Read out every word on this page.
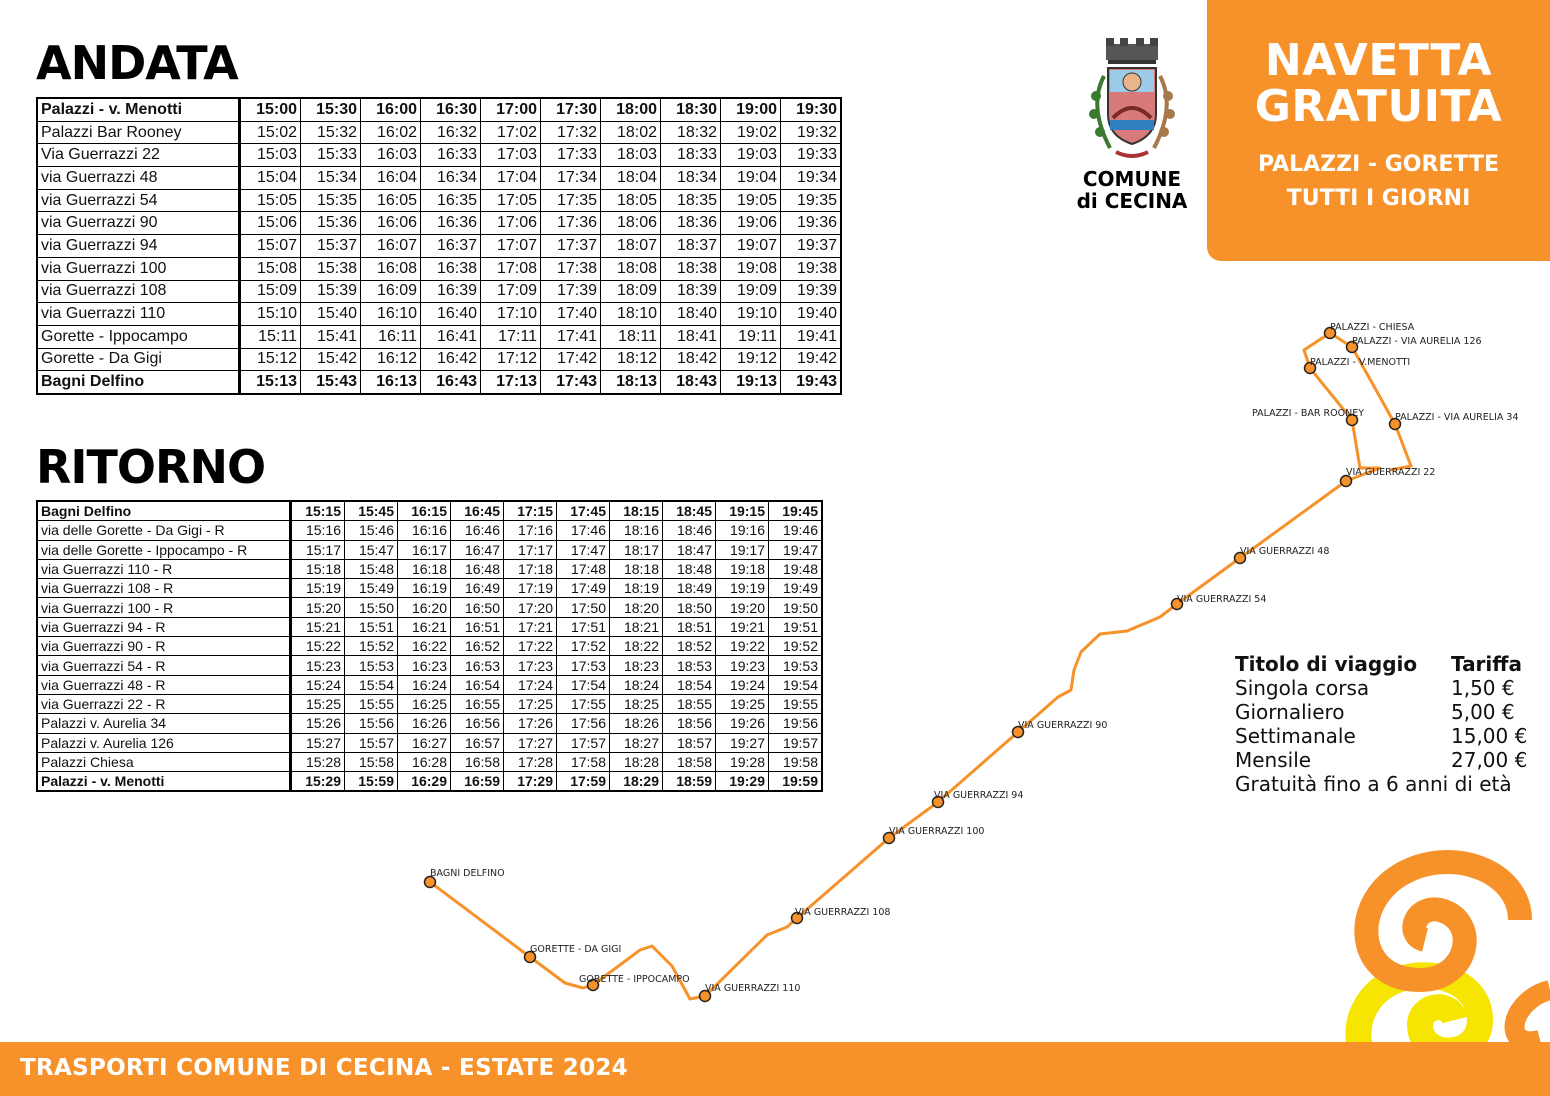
ANDATA
Palazzi - v. Menotti	15:00	15:30	16:00	16:30	17:00	17:30	18:00	18:30	19:00	19:30
Palazzi Bar Rooney	15:02	15:32	16:02	16:32	17:02	17:32	18:02	18:32	19:02	19:32
Via Guerrazzi 22	15:03	15:33	16:03	16:33	17:03	17:33	18:03	18:33	19:03	19:33
via Guerrazzi 48	15:04	15:34	16:04	16:34	17:04	17:34	18:04	18:34	19:04	19:34
via Guerrazzi 54	15:05	15:35	16:05	16:35	17:05	17:35	18:05	18:35	19:05	19:35
via Guerrazzi 90	15:06	15:36	16:06	16:36	17:06	17:36	18:06	18:36	19:06	19:36
via Guerrazzi 94	15:07	15:37	16:07	16:37	17:07	17:37	18:07	18:37	19:07	19:37
via Guerrazzi 100	15:08	15:38	16:08	16:38	17:08	17:38	18:08	18:38	19:08	19:38
via Guerrazzi 108	15:09	15:39	16:09	16:39	17:09	17:39	18:09	18:39	19:09	19:39
via Guerrazzi 110	15:10	15:40	16:10	16:40	17:10	17:40	18:10	18:40	19:10	19:40
Gorette - Ippocampo	15:11	15:41	16:11	16:41	17:11	17:41	18:11	18:41	19:11	19:41
Gorette - Da Gigi	15:12	15:42	16:12	16:42	17:12	17:42	18:12	18:42	19:12	19:42
Bagni Delfino	15:13	15:43	16:13	16:43	17:13	17:43	18:13	18:43	19:13	19:43
RITORNO
Bagni Delfino	15:15	15:45	16:15	16:45	17:15	17:45	18:15	18:45	19:15	19:45
via delle Gorette - Da Gigi - R	15:16	15:46	16:16	16:46	17:16	17:46	18:16	18:46	19:16	19:46
via delle Gorette - Ippocampo - R	15:17	15:47	16:17	16:47	17:17	17:47	18:17	18:47	19:17	19:47
via Guerrazzi 110 - R	15:18	15:48	16:18	16:48	17:18	17:48	18:18	18:48	19:18	19:48
via Guerrazzi 108 - R	15:19	15:49	16:19	16:49	17:19	17:49	18:19	18:49	19:19	19:49
via Guerrazzi 100 - R	15:20	15:50	16:20	16:50	17:20	17:50	18:20	18:50	19:20	19:50
via Guerrazzi 94 - R	15:21	15:51	16:21	16:51	17:21	17:51	18:21	18:51	19:21	19:51
via Guerrazzi 90 - R	15:22	15:52	16:22	16:52	17:22	17:52	18:22	18:52	19:22	19:52
via Guerrazzi 54 - R	15:23	15:53	16:23	16:53	17:23	17:53	18:23	18:53	19:23	19:53
via Guerrazzi 48 - R	15:24	15:54	16:24	16:54	17:24	17:54	18:24	18:54	19:24	19:54
via Guerrazzi 22 - R	15:25	15:55	16:25	16:55	17:25	17:55	18:25	18:55	19:25	19:55
Palazzi v. Aurelia 34	15:26	15:56	16:26	16:56	17:26	17:56	18:26	18:56	19:26	19:56
Palazzi v. Aurelia 126	15:27	15:57	16:27	16:57	17:27	17:57	18:27	18:57	19:27	19:57
Palazzi Chiesa	15:28	15:58	16:28	16:58	17:28	17:58	18:28	18:58	19:28	19:58
Palazzi - v. Menotti	15:29	15:59	16:29	16:59	17:29	17:59	18:29	18:59	19:29	19:59
COMUNE
di CECINA
NAVETTA
GRATUITA
PALAZZI - GORETTE
TUTTI I GIORNI
PALAZZI - CHIESA
PALAZZI - VIA AURELIA 126
PALAZZI - V.MENOTTI
PALAZZI - BAR ROONEY	PALAZZI - VIA AURELIA 34
VIA GUERRAZZI 22
VIA GUERRAZZI 48
VIA GUERRAZZI 54
VIA GUERRAZZI 90
VIA GUERRAZZI 94
VIA GUERRAZZI 100
VIA GUERRAZZI 108
VIA GUERRAZZI 110
GORETTE - IPPOCAMPO
GORETTE - DA GIGI
BAGNI DELFINO
Titolo di viaggio	Tariffa
Singola corsa	1,50 €
Giornaliero	5,00 €
Settimanale	15,00 €
Mensile	27,00 €
Gratuità fino a 6 anni di età
TRASPORTI COMUNE DI CECINA - ESTATE 2024
